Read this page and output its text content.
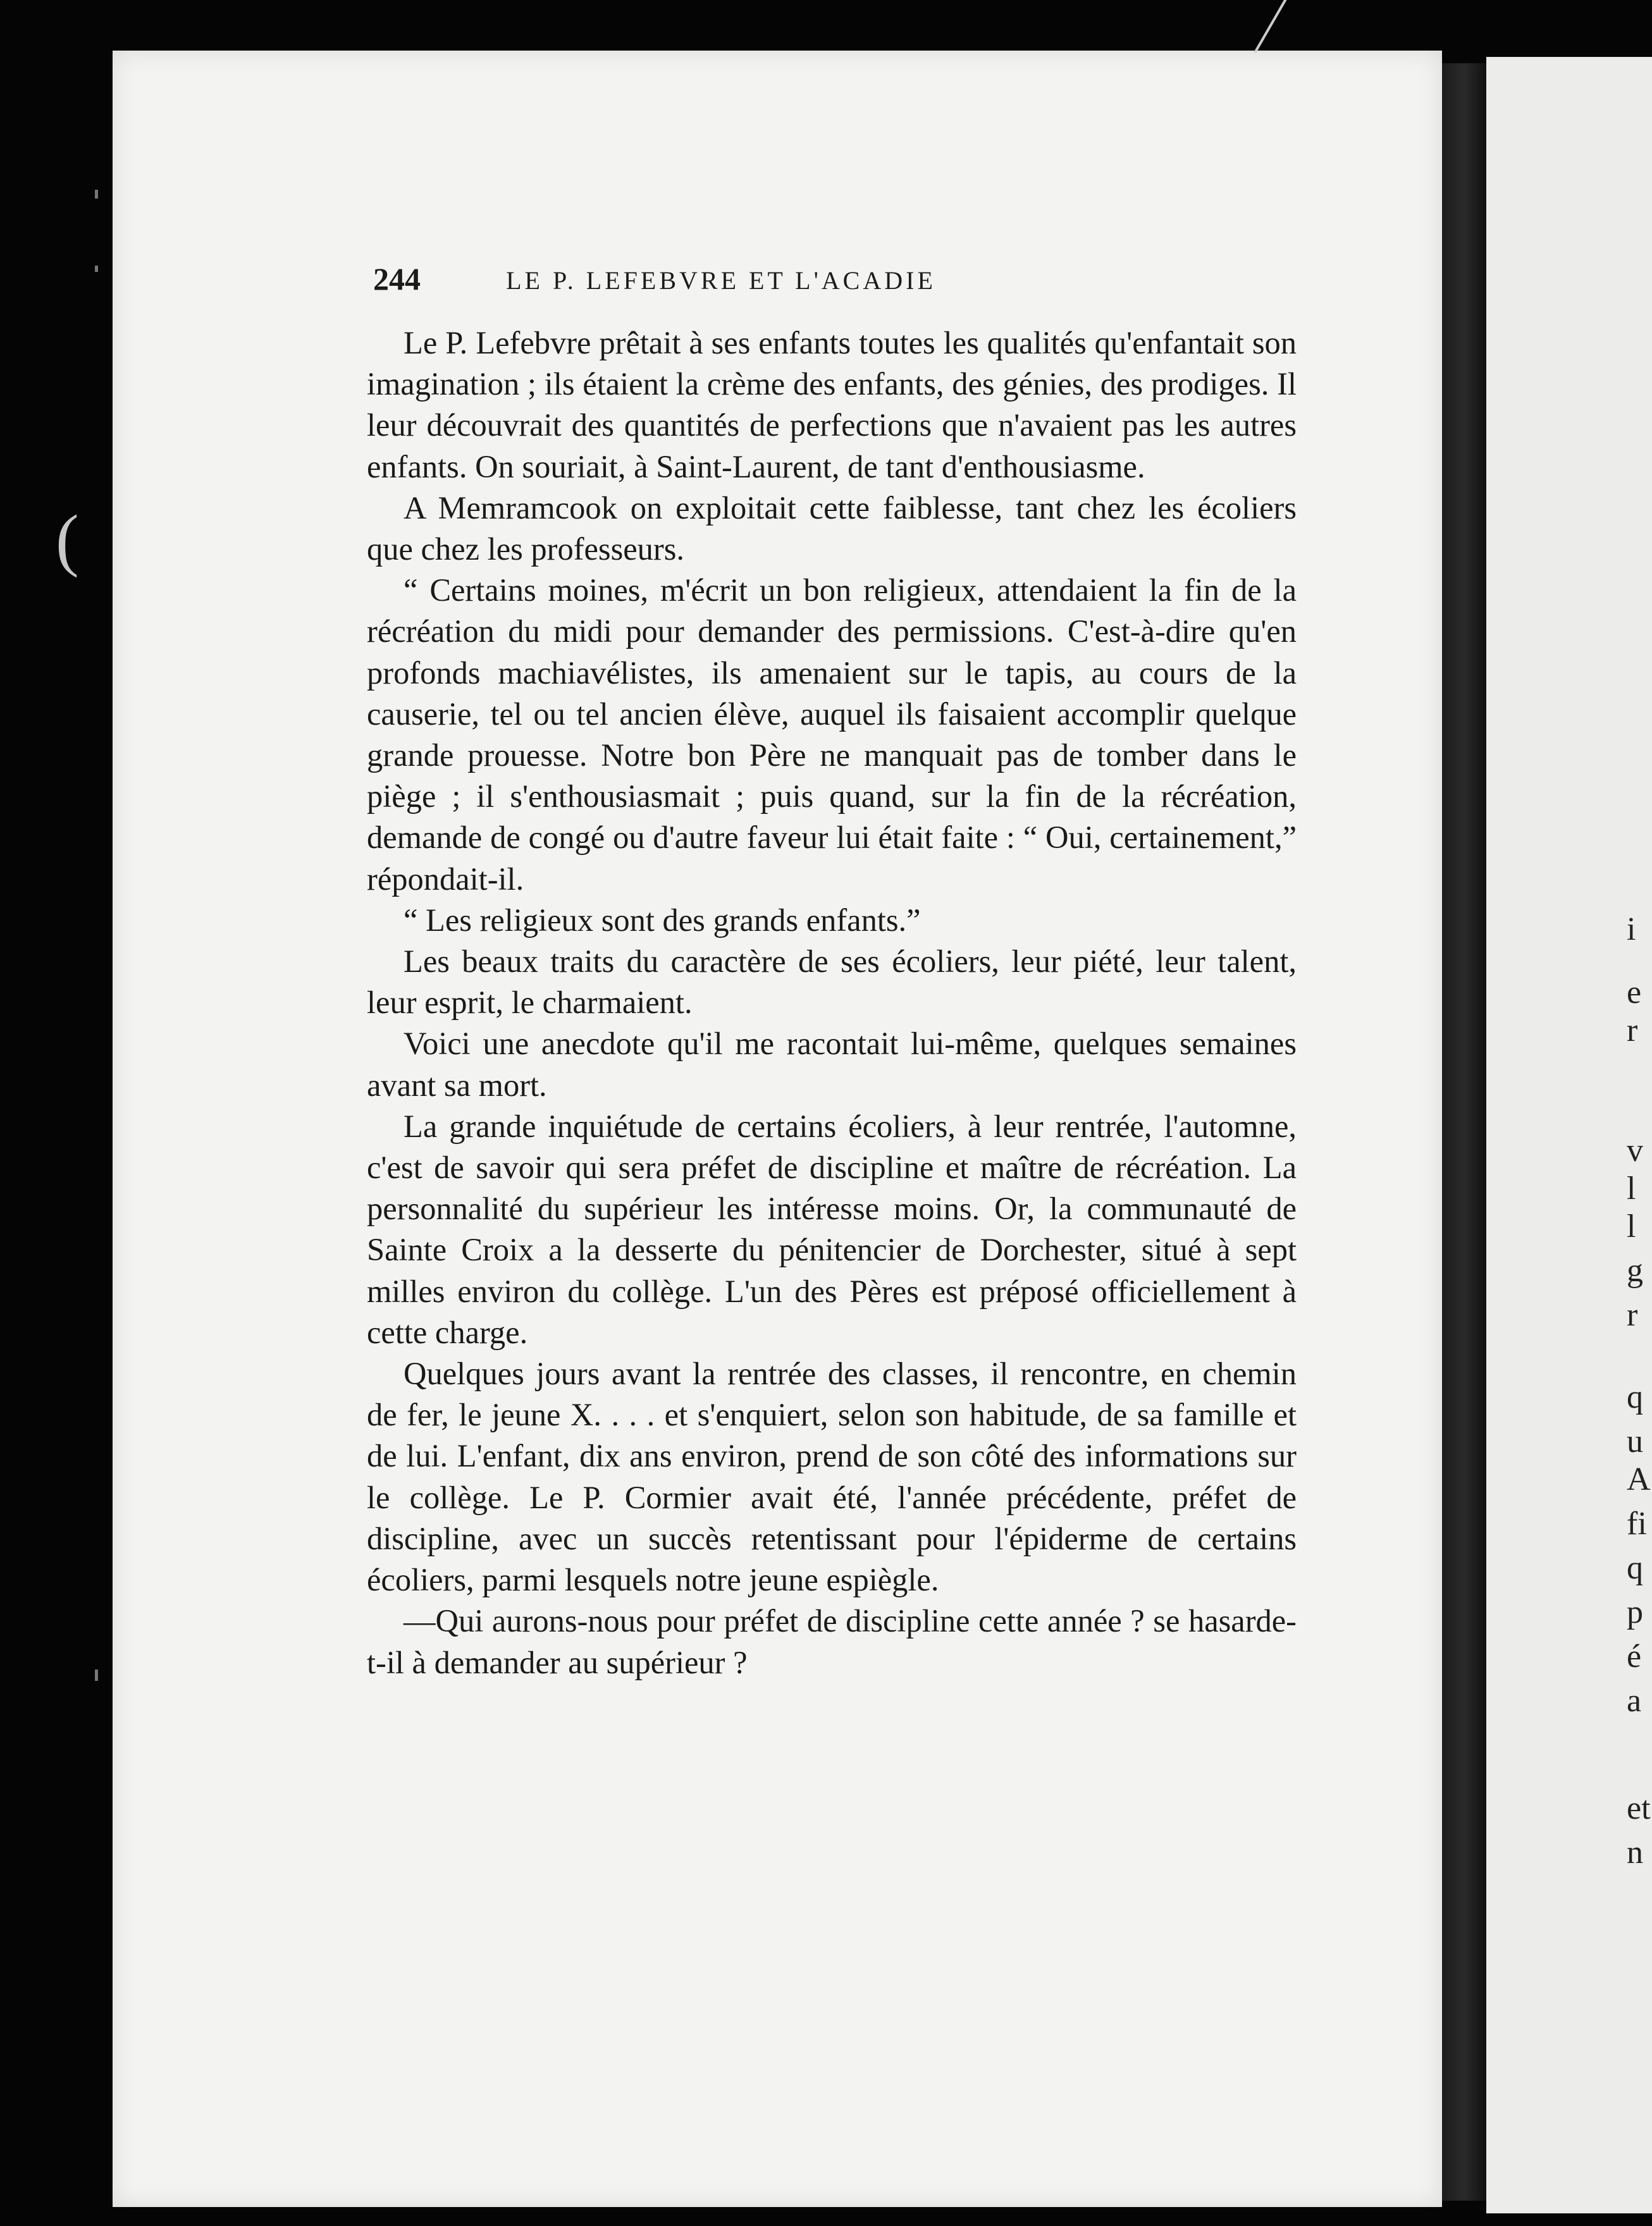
(
244	LE P. LEFEBVRE ET L'ACADIE

Le P. Lefebvre prêtait à ses enfants toutes les qualités qu'enfantait son imagination ; ils étaient la crème des enfants, des génies, des prodiges. Il leur découvrait des quantités de perfections que n'avaient pas les autres enfants. On souriait, à Saint-Laurent, de tant d'enthousiasme.

A Memramcook on exploitait cette faiblesse, tant chez les écoliers que chez les professeurs.

“ Certains moines, m'écrit un bon religieux, attendaient la fin de la récréation du midi pour demander des permissions. C'est-à-dire qu'en profonds machiavélistes, ils amenaient sur le tapis, au cours de la causerie, tel ou tel ancien élève, auquel ils faisaient accomplir quelque grande prouesse. Notre bon Père ne manquait pas de tomber dans le piège ; il s'enthousiasmait ; puis quand, sur la fin de la récréation, demande de congé ou d'autre faveur lui était faite : “ Oui, certainement,” répondait-il.

“ Les religieux sont des grands enfants.”

Les beaux traits du caractère de ses écoliers, leur piété, leur talent, leur esprit, le charmaient.

Voici une anecdote qu'il me racontait lui-même, quelques semaines avant sa mort.

La grande inquiétude de certains écoliers, à leur rentrée, l'automne, c'est de savoir qui sera préfet de discipline et maître de récréation. La personnalité du supérieur les intéresse moins. Or, la communauté de Sainte Croix a la desserte du pénitencier de Dorchester, situé à sept milles environ du collège. L'un des Pères est préposé officiellement à cette charge.

Quelques jours avant la rentrée des classes, il rencontre, en chemin de fer, le jeune X. . . . et s'enquiert, selon son habitude, de sa famille et de lui. L'enfant, dix ans environ, prend de son côté des informations sur le collège. Le P. Cormier avait été, l'année précédente, préfet de discipline, avec un succès retentissant pour l'épiderme de certains écoliers, parmi lesquels notre jeune espiègle.

—Qui aurons-nous pour préfet de discipline cette année ? se hasarde-t-il à demander au supérieur ?

i
e
r
v
l
l
g
r
q
u
A
fi
q
p
é
a
et
n
